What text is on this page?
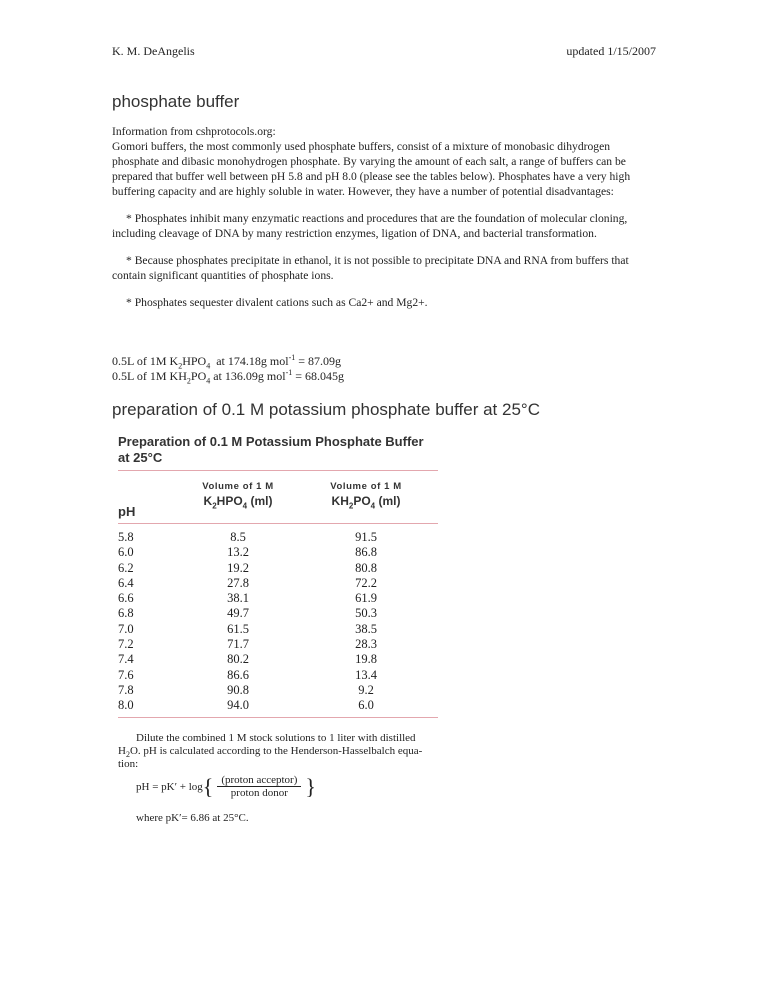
K. M. DeAngelis	updated 1/15/2007
phosphate buffer
Information from cshprotocols.org:

Gomori buffers, the most commonly used phosphate buffers, consist of a mixture of monobasic dihydrogen phosphate and dibasic monohydrogen phosphate. By varying the amount of each salt, a range of buffers can be prepared that buffer well between pH 5.8 and pH 8.0 (please see the tables below). Phosphates have a very high buffering capacity and are highly soluble in water. However, they have a number of potential disadvantages:

* Phosphates inhibit many enzymatic reactions and procedures that are the foundation of molecular cloning, including cleavage of DNA by many restriction enzymes, ligation of DNA, and bacterial transformation.

* Because phosphates precipitate in ethanol, it is not possible to precipitate DNA and RNA from buffers that contain significant quantities of phosphate ions.

* Phosphates sequester divalent cations such as Ca2+ and Mg2+.

0.5L of 1M $K_2HPO_4$  at 174.18g mol$^{-1}$ = 87.09g
0.5L of 1M $KH_2PO_4$ at 136.09g mol$^{-1}$ = 68.045g
preparation of 0.1 M potassium phosphate buffer at 25°C
Preparation of 0.1 M Potassium Phosphate Buffer
at 25°C
pH
Volume of 1 M
$K_2HPO_4$ (ml)
Volume of 1 M
$KH_2PO_4$ (ml)
5.8	8.5	91.5
6.0	13.2	86.8
6.2	19.2	80.8
6.4	27.8	72.2
6.6	38.1	61.9
6.8	49.7	50.3
7.0	61.5	38.5
7.2	71.7	28.3
7.4	80.2	19.8
7.6	86.6	13.4
7.8	90.8	9.2
8.0	94.0	6.0

Dilute the combined 1 M stock solutions to 1 liter with distilled

$H_2O$. pH is calculated according to the Henderson-Hasselbalch equa-
tion:
pH = pK′ + log { $\frac{\text{(proton acceptor)}}{\text{proton donor}}$ }
where pK′= 6.86 at 25°C.
